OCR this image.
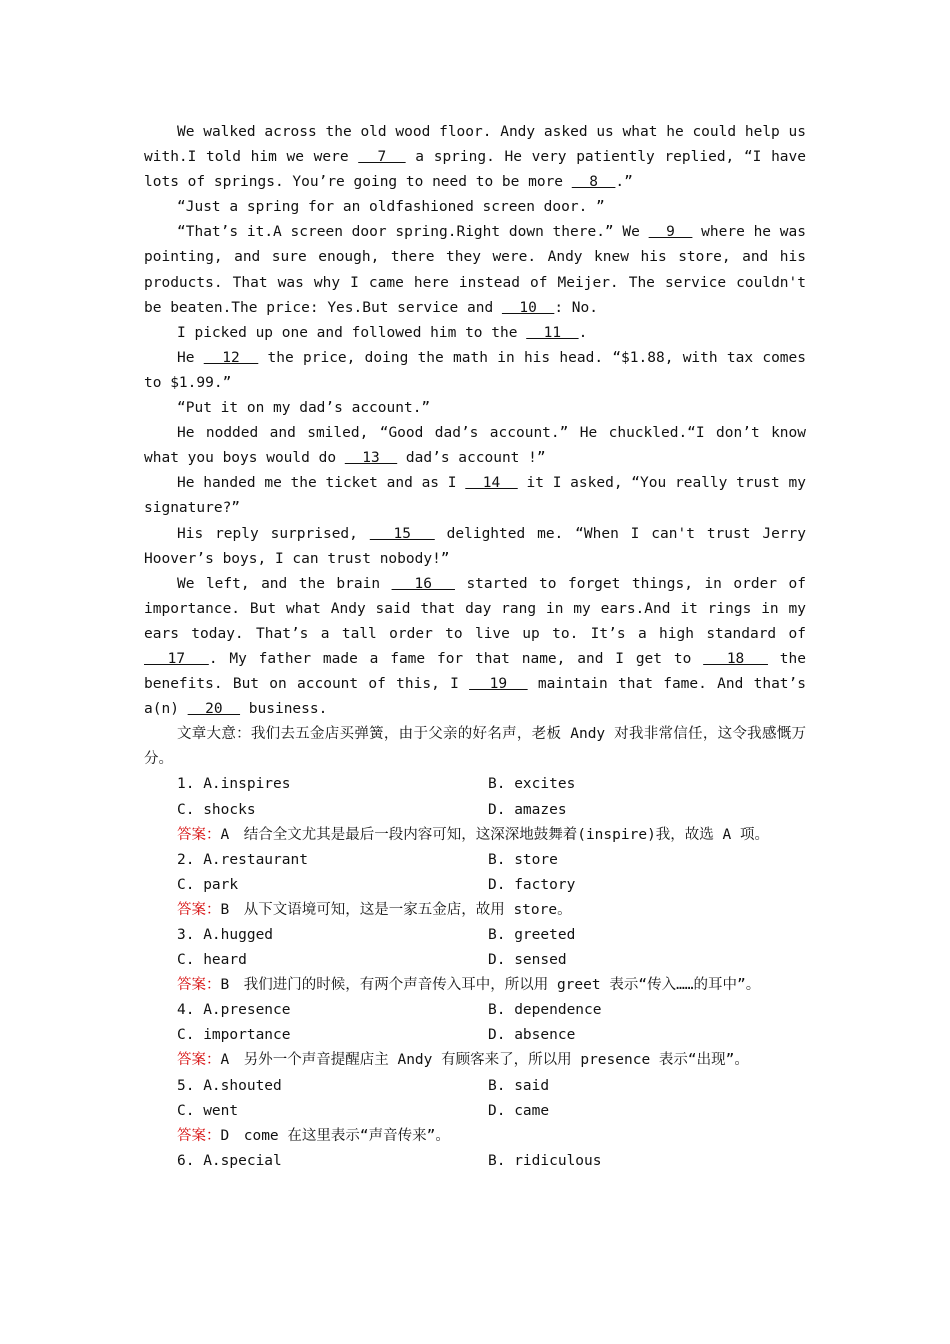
We walked across the old wood floor. Andy asked us what he could help us with.I told him we were   7   a spring. He very patiently replied, “I have lots of springs. You’re going to need to be more   8  .”

“Just a spring for an oldfashioned screen door. ”

“That’s it.A screen door spring.Right down there.” We   9   where he was pointing, and sure enough, there they were. Andy knew his store, and his products. That was why I came here instead of Meijer. The service couldn't be beaten.The price: Yes.But service and   10  : No.

I picked up one and followed him to the   11  .

He   12   the price, doing the math in his head. “$1.88, with tax comes to $1.99.”

“Put it on my dad’s account.”

He nodded and smiled, “Good dad’s account.” He chuckled.“I don’t know what you boys would do   13   dad’s account !”

He handed me the ticket and as I   14   it I asked, “You really trust my signature?”

His reply surprised,   15   delighted me. “When I can't trust Jerry Hoover’s boys, I can trust nobody!”

We left, and the brain   16   started to forget things, in order of importance. But what Andy said that day rang in my ears.And it rings in my ears today. That’s a tall order to live up to. It’s a high standard of   17  . My father made a fame for that name, and I get to   18   the benefits. But on account of this, I   19   maintain that fame. And that’s a(n)   20   business.

文章大意：我们去五金店买弹簧，由于父亲的好名声，老板 Andy 对我非常信任，这令我感慨万分。

1. A.inspires	B. excites
C. shocks	D. amazes

答案：A　结合全文尤其是最后一段内容可知，这深深地鼓舞着(inspire)我，故选 A 项。

2. A.restaurant	B. store
C. park	D. factory

答案：B　从下文语境可知，这是一家五金店，故用 store。

3. A.hugged	B. greeted
C. heard	D. sensed

答案：B　我们进门的时候，有两个声音传入耳中，所以用 greet 表示“传入……的耳中”。

4. A.presence	B. dependence
C. importance	D. absence

答案：A　另外一个声音提醒店主 Andy 有顾客来了，所以用 presence 表示“出现”。

5. A.shouted	B. said
C. went	D. came

答案：D　come 在这里表示“声音传来”。

6. A.special	B. ridiculous
